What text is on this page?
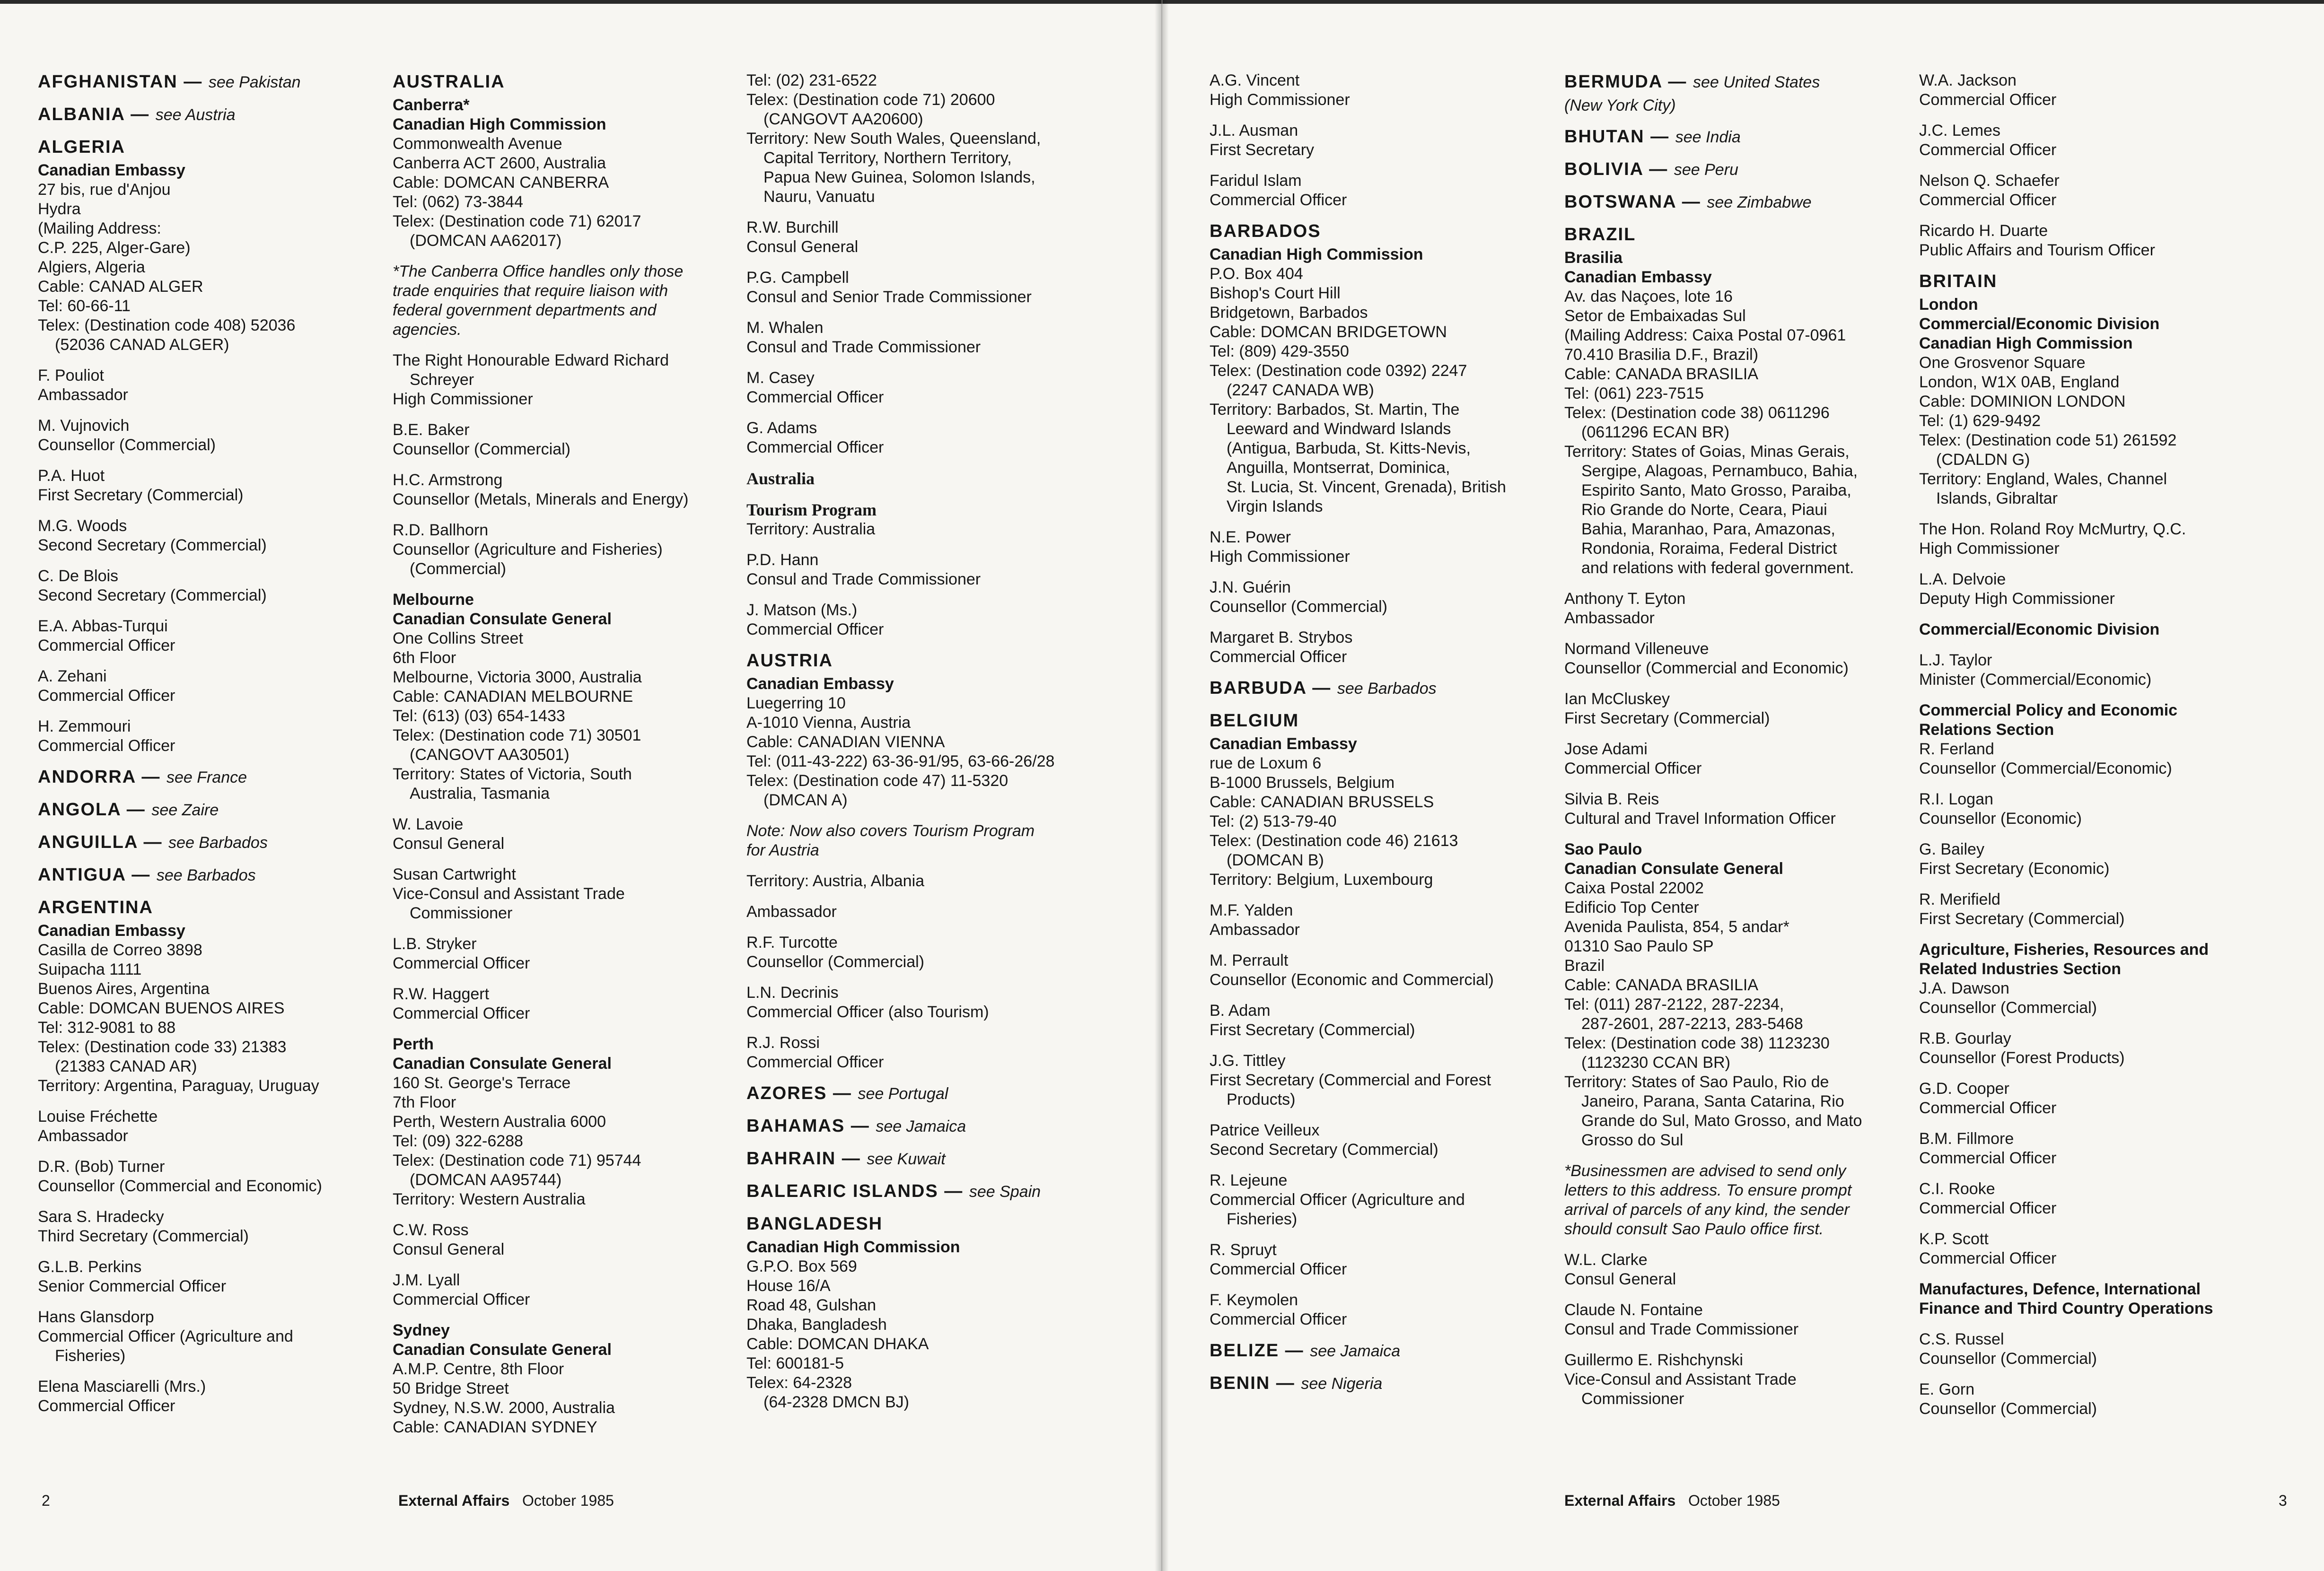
AFGHANISTAN — see Pakistan
ALBANIA — see Austria
ALGERIA
Canadian Embassy
27 bis, rue d'Anjou
Hydra
(Mailing Address:
C.P. 225, Alger-Gare)
Algiers, Algeria
Cable: CANAD ALGER
Tel: 60-66-11
Telex: (Destination code 408) 52036
(52036 CANAD ALGER)
F. Pouliot
Ambassador
M. Vujnovich
Counsellor (Commercial)
P.A. Huot
First Secretary (Commercial)
M.G. Woods
Second Secretary (Commercial)
C. De Blois
Second Secretary (Commercial)
E.A. Abbas-Turqui
Commercial Officer
A. Zehani
Commercial Officer
H. Zemmouri
Commercial Officer
ANDORRA — see France
ANGOLA — see Zaire
ANGUILLA — see Barbados
ANTIGUA — see Barbados
ARGENTINA
Canadian Embassy
Casilla de Correo 3898
Suipacha 1111
Buenos Aires, Argentina
Cable: DOMCAN BUENOS AIRES
Tel: 312-9081 to 88
Telex: (Destination code 33) 21383
(21383 CANAD AR)
Territory: Argentina, Paraguay, Uruguay
Louise Fréchette
Ambassador
D.R. (Bob) Turner
Counsellor (Commercial and Economic)
Sara S. Hradecky
Third Secretary (Commercial)
G.L.B. Perkins
Senior Commercial Officer
Hans Glansdorp
Commercial Officer (Agriculture and
Fisheries)
Elena Masciarelli (Mrs.)
Commercial Officer
AUSTRALIA
Canberra*
Canadian High Commission
Commonwealth Avenue
Canberra ACT 2600, Australia
Cable: DOMCAN CANBERRA
Tel: (062) 73-3844
Telex: (Destination code 71) 62017
(DOMCAN AA62017)
*The Canberra Office handles only those
trade enquiries that require liaison with
federal government departments and
agencies.
The Right Honourable Edward Richard
Schreyer
High Commissioner
B.E. Baker
Counsellor (Commercial)
H.C. Armstrong
Counsellor (Metals, Minerals and Energy)
R.D. Ballhorn
Counsellor (Agriculture and Fisheries)
(Commercial)
Melbourne
Canadian Consulate General
One Collins Street
6th Floor
Melbourne, Victoria 3000, Australia
Cable: CANADIAN MELBOURNE
Tel: (613) (03) 654-1433
Telex: (Destination code 71) 30501
(CANGOVT AA30501)
Territory: States of Victoria, South
Australia, Tasmania
W. Lavoie
Consul General
Susan Cartwright
Vice-Consul and Assistant Trade
Commissioner
L.B. Stryker
Commercial Officer
R.W. Haggert
Commercial Officer
Perth
Canadian Consulate General
160 St. George's Terrace
7th Floor
Perth, Western Australia 6000
Tel: (09) 322-6288
Telex: (Destination code 71) 95744
(DOMCAN AA95744)
Territory: Western Australia
C.W. Ross
Consul General
J.M. Lyall
Commercial Officer
Sydney
Canadian Consulate General
A.M.P. Centre, 8th Floor
50 Bridge Street
Sydney, N.S.W. 2000, Australia
Cable: CANADIAN SYDNEY
Tel: (02) 231-6522
Telex: (Destination code 71) 20600
(CANGOVT AA20600)
Territory: New South Wales, Queensland,
Capital Territory, Northern Territory,
Papua New Guinea, Solomon Islands,
Nauru, Vanuatu
R.W. Burchill
Consul General
P.G. Campbell
Consul and Senior Trade Commissioner
M. Whalen
Consul and Trade Commissioner
M. Casey
Commercial Officer
G. Adams
Commercial Officer
Australia
Tourism Program
Territory: Australia
P.D. Hann
Consul and Trade Commissioner
J. Matson (Ms.)
Commercial Officer
AUSTRIA
Canadian Embassy
Luegerring 10
A-1010 Vienna, Austria
Cable: CANADIAN VIENNA
Tel: (011-43-222) 63-36-91/95, 63-66-26/28
Telex: (Destination code 47) 11-5320
(DMCAN A)
Note: Now also covers Tourism Program
for Austria
Territory: Austria, Albania
Ambassador
R.F. Turcotte
Counsellor (Commercial)
L.N. Decrinis
Commercial Officer (also Tourism)
R.J. Rossi
Commercial Officer
AZORES — see Portugal
BAHAMAS — see Jamaica
BAHRAIN — see Kuwait
BALEARIC ISLANDS — see Spain
BANGLADESH
Canadian High Commission
G.P.O. Box 569
House 16/A
Road 48, Gulshan
Dhaka, Bangladesh
Cable: DOMCAN DHAKA
Tel: 600181-5
Telex: 64-2328
(64-2328 DMCN BJ)
2	External Affairs October 1985
A.G. Vincent
High Commissioner
J.L. Ausman
First Secretary
Faridul Islam
Commercial Officer
BARBADOS
Canadian High Commission
P.O. Box 404
Bishop's Court Hill
Bridgetown, Barbados
Cable: DOMCAN BRIDGETOWN
Tel: (809) 429-3550
Telex: (Destination code 0392) 2247
(2247 CANADA WB)
Territory: Barbados, St. Martin, The
Leeward and Windward Islands
(Antigua, Barbuda, St. Kitts-Nevis,
Anguilla, Montserrat, Dominica,
St. Lucia, St. Vincent, Grenada), British
Virgin Islands
N.E. Power
High Commissioner
J.N. Guérin
Counsellor (Commercial)
Margaret B. Strybos
Commercial Officer
BARBUDA — see Barbados
BELGIUM
Canadian Embassy
rue de Loxum 6
B-1000 Brussels, Belgium
Cable: CANADIAN BRUSSELS
Tel: (2) 513-79-40
Telex: (Destination code 46) 21613
(DOMCAN B)
Territory: Belgium, Luxembourg
M.F. Yalden
Ambassador
M. Perrault
Counsellor (Economic and Commercial)
B. Adam
First Secretary (Commercial)
J.G. Tittley
First Secretary (Commercial and Forest
Products)
Patrice Veilleux
Second Secretary (Commercial)
R. Lejeune
Commercial Officer (Agriculture and
Fisheries)
R. Spruyt
Commercial Officer
F. Keymolen
Commercial Officer
BELIZE — see Jamaica
BENIN — see Nigeria
BERMUDA — see United States
(New York City)
BHUTAN — see India
BOLIVIA — see Peru
BOTSWANA — see Zimbabwe
BRAZIL
Brasilia
Canadian Embassy
Av. das Naçoes, lote 16
Setor de Embaixadas Sul
(Mailing Address: Caixa Postal 07-0961
70.410 Brasilia D.F., Brazil)
Cable: CANADA BRASILIA
Tel: (061) 223-7515
Telex: (Destination code 38) 0611296
(0611296 ECAN BR)
Territory: States of Goias, Minas Gerais,
Sergipe, Alagoas, Pernambuco, Bahia,
Espirito Santo, Mato Grosso, Paraiba,
Rio Grande do Norte, Ceara, Piaui
Bahia, Maranhao, Para, Amazonas,
Rondonia, Roraima, Federal District
and relations with federal government.
Anthony T. Eyton
Ambassador
Normand Villeneuve
Counsellor (Commercial and Economic)
Ian McCluskey
First Secretary (Commercial)
Jose Adami
Commercial Officer
Silvia B. Reis
Cultural and Travel Information Officer
Sao Paulo
Canadian Consulate General
Caixa Postal 22002
Edificio Top Center
Avenida Paulista, 854, 5 andar*
01310 Sao Paulo SP
Brazil
Cable: CANADA BRASILIA
Tel: (011) 287-2122, 287-2234,
287-2601, 287-2213, 283-5468
Telex: (Destination code 38) 1123230
(1123230 CCAN BR)
Territory: States of Sao Paulo, Rio de
Janeiro, Parana, Santa Catarina, Rio
Grande do Sul, Mato Grosso, and Mato
Grosso do Sul
*Businessmen are advised to send only
letters to this address. To ensure prompt
arrival of parcels of any kind, the sender
should consult Sao Paulo office first.
W.L. Clarke
Consul General
Claude N. Fontaine
Consul and Trade Commissioner
Guillermo E. Rishchynski
Vice-Consul and Assistant Trade
Commissioner
W.A. Jackson
Commercial Officer
J.C. Lemes
Commercial Officer
Nelson Q. Schaefer
Commercial Officer
Ricardo H. Duarte
Public Affairs and Tourism Officer
BRITAIN
London
Commercial/Economic Division
Canadian High Commission
One Grosvenor Square
London, W1X 0AB, England
Cable: DOMINION LONDON
Tel: (1) 629-9492
Telex: (Destination code 51) 261592
(CDALDN G)
Territory: England, Wales, Channel
Islands, Gibraltar
The Hon. Roland Roy McMurtry, Q.C.
High Commissioner
L.A. Delvoie
Deputy High Commissioner
Commercial/Economic Division
L.J. Taylor
Minister (Commercial/Economic)
Commercial Policy and Economic
Relations Section
R. Ferland
Counsellor (Commercial/Economic)
R.I. Logan
Counsellor (Economic)
G. Bailey
First Secretary (Economic)
R. Merifield
First Secretary (Commercial)
Agriculture, Fisheries, Resources and
Related Industries Section
J.A. Dawson
Counsellor (Commercial)
R.B. Gourlay
Counsellor (Forest Products)
G.D. Cooper
Commercial Officer
B.M. Fillmore
Commercial Officer
C.I. Rooke
Commercial Officer
K.P. Scott
Commercial Officer
Manufactures, Defence, International
Finance and Third Country Operations
C.S. Russel
Counsellor (Commercial)
E. Gorn
Counsellor (Commercial)
External Affairs October 1985	3
